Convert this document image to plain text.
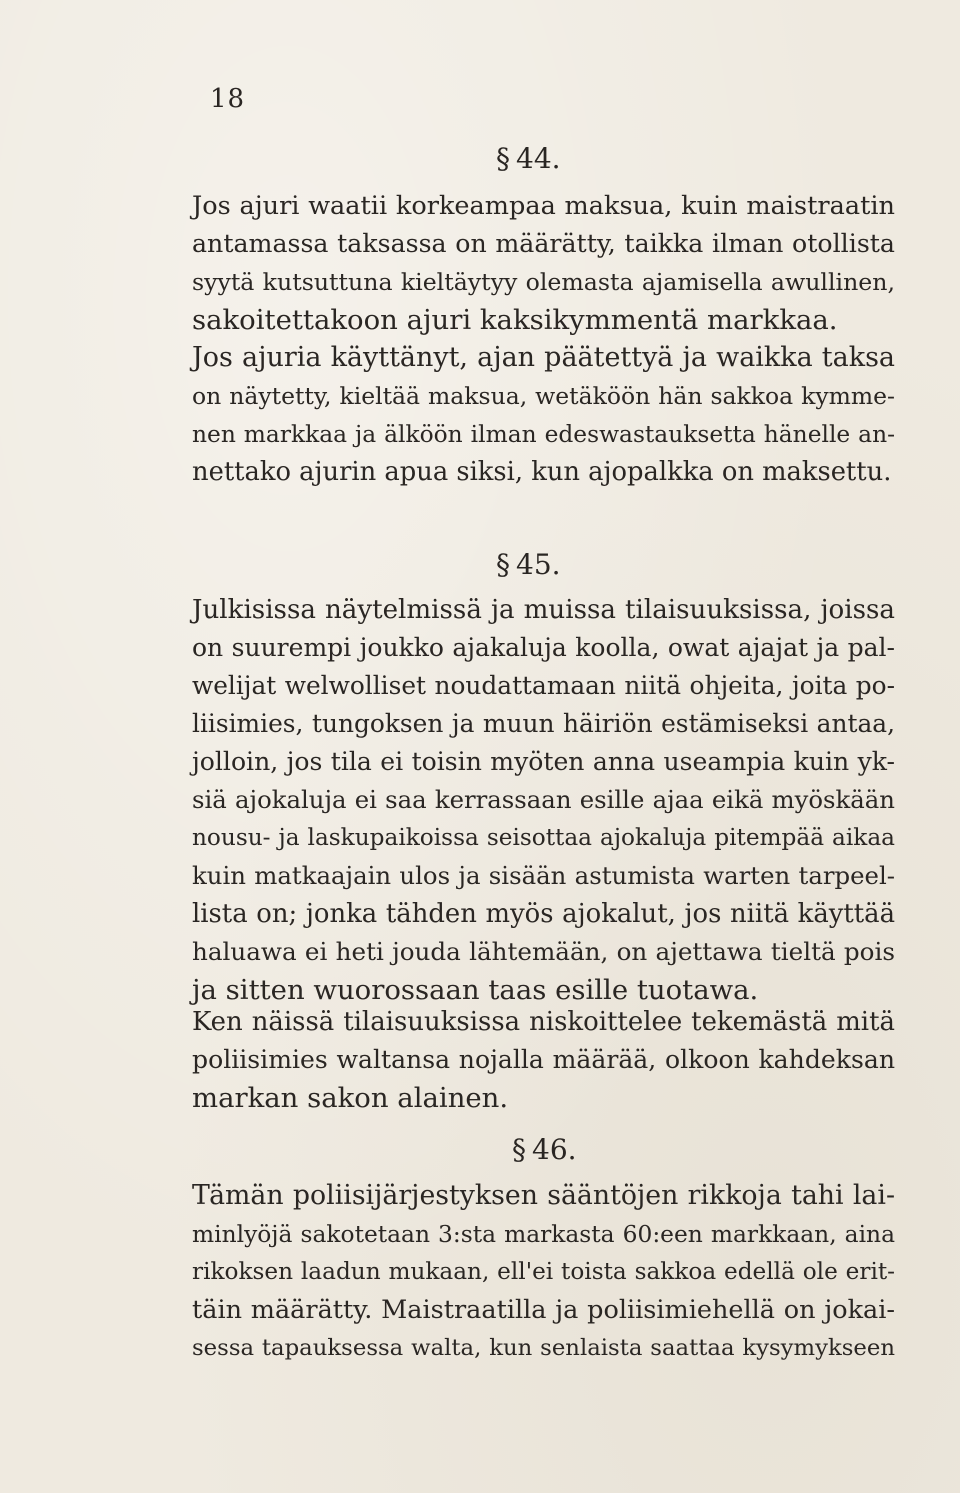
18
§ 44.
Jos ajuri waatii korkeampaa maksua, kuin maistraatin
antamassa taksassa on määrätty, taikka ilman otollista
syytä kutsuttuna kieltäytyy olemasta ajamisella awullinen,
sakoitettakoon ajuri kaksikymmentä markkaa.
Jos ajuria käyttänyt, ajan päätettyä ja waikka taksa
on näytetty, kieltää maksua, wetäköön hän sakkoa kymme-
nen markkaa ja älköön ilman edeswastauksetta hänelle an-
nettako ajurin apua siksi, kun ajopalkka on maksettu.
§ 45.
Julkisissa näytelmissä ja muissa tilaisuuksissa, joissa
on suurempi joukko ajakaluja koolla, owat ajajat ja pal-
welijat welwolliset noudattamaan niitä ohjeita, joita po-
liisimies, tungoksen ja muun häiriön estämiseksi antaa,
jolloin, jos tila ei toisin myöten anna useampia kuin yk-
siä ajokaluja ei saa kerrassaan esille ajaa eikä myöskään
nousu- ja laskupaikoissa seisottaa ajokaluja pitempää aikaa
kuin matkaajain ulos ja sisään astumista warten tarpeel-
lista on; jonka tähden myös ajokalut, jos niitä käyttää
haluawa ei heti jouda lähtemään, on ajettawa tieltä pois
ja sitten wuorossaan taas esille tuotawa.
Ken näissä tilaisuuksissa niskoittelee tekemästä mitä
poliisimies waltansa nojalla määrää, olkoon kahdeksan
markan sakon alainen.
§ 46.
Tämän poliisijärjestyksen sääntöjen rikkoja tahi lai-
minlyöjä sakotetaan 3:sta markasta 60:een markkaan, aina
rikoksen laadun mukaan, ell'ei toista sakkoa edellä ole erit-
täin määrätty. Maistraatilla ja poliisimiehellä on jokai-
sessa tapauksessa walta, kun senlaista saattaa kysymykseen
